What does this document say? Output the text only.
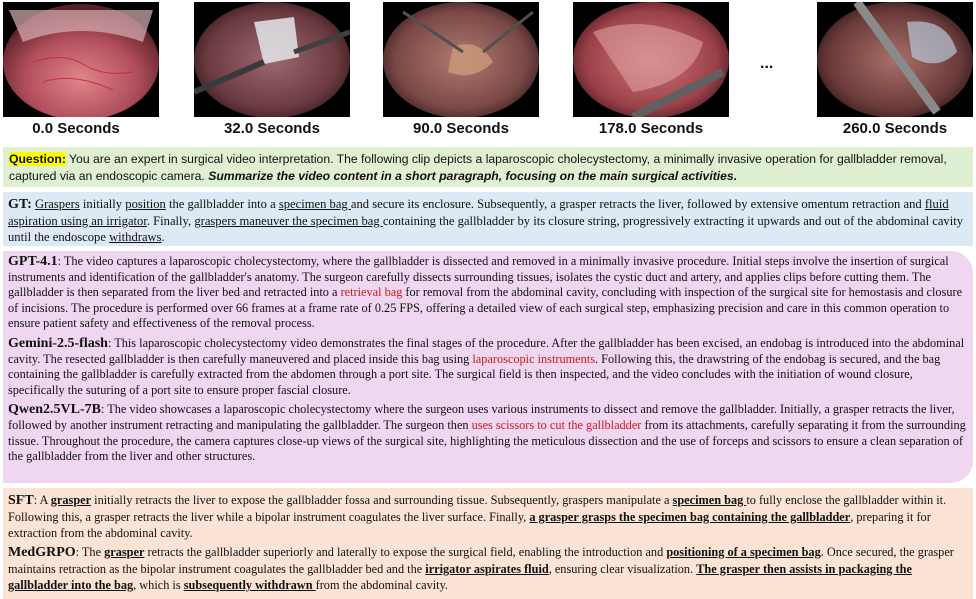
...
0.0 Seconds	32.0 Seconds	90.0 Seconds	178.0 Seconds	260.0 Seconds
Question: You are an expert in surgical video interpretation. The following clip depicts a laparoscopic cholecystectomy, a minimally invasive operation for gallbladder removal, captured via an endoscopic camera. Summarize the video content in a short paragraph, focusing on the main surgical activities.
GT: Graspers initially position the gallbladder into a specimen bag and secure its enclosure. Subsequently, a grasper retracts the liver, followed by extensive omentum retraction and fluid aspiration using an irrigator. Finally, graspers maneuver the specimen bag containing the gallbladder by its closure string, progressively extracting it upwards and out of the abdominal cavity until the endoscope withdraws.

GPT-4.1: The video captures a laparoscopic cholecystectomy, where the gallbladder is dissected and removed in a minimally invasive procedure. Initial steps involve the insertion of surgical instruments and identification of the gallbladder's anatomy. The surgeon carefully dissects surrounding tissues, isolates the cystic duct and artery, and applies clips before cutting them. The gallbladder is then separated from the liver bed and retracted into a retrieval bag for removal from the abdominal cavity, concluding with inspection of the surgical site for hemostasis and closure of incisions. The procedure is performed over 66 frames at a frame rate of 0.25 FPS, offering a detailed view of each surgical step, emphasizing precision and care in this common operation to ensure patient safety and effectiveness of the removal process.

Gemini-2.5-flash: This laparoscopic cholecystectomy video demonstrates the final stages of the procedure. After the gallbladder has been excised, an endobag is introduced into the abdominal cavity. The resected gallbladder is then carefully maneuvered and placed inside this bag using laparoscopic instruments. Following this, the drawstring of the endobag is secured, and the bag containing the gallbladder is carefully extracted from the abdomen through a port site. The surgical field is then inspected, and the video concludes with the initiation of wound closure, specifically the suturing of a port site to ensure proper fascial closure.

Qwen2.5VL-7B: The video showcases a laparoscopic cholecystectomy where the surgeon uses various instruments to dissect and remove the gallbladder. Initially, a grasper retracts the liver, followed by another instrument retracting and manipulating the gallbladder. The surgeon then uses scissors to cut the gallbladder from its attachments, carefully separating it from the surrounding tissue. Throughout the procedure, the camera captures close-up views of the surgical site, highlighting the meticulous dissection and the use of forceps and scissors to ensure a clean separation of the gallbladder from the liver and other structures.

SFT: A grasper initially retracts the liver to expose the gallbladder fossa and surrounding tissue. Subsequently, graspers manipulate a specimen bag to fully enclose the gallbladder within it. Following this, a grasper retracts the liver while a bipolar instrument coagulates the liver surface. Finally, a grasper grasps the specimen bag containing the gallbladder, preparing it for extraction from the abdominal cavity.

MedGRPO: The grasper retracts the gallbladder superiorly and laterally to expose the surgical field, enabling the introduction and positioning of a specimen bag. Once secured, the grasper maintains retraction as the bipolar instrument coagulates the gallbladder bed and the irrigator aspirates fluid, ensuring clear visualization. The grasper then assists in packaging the gallbladder into the bag, which is subsequently withdrawn from the abdominal cavity.
